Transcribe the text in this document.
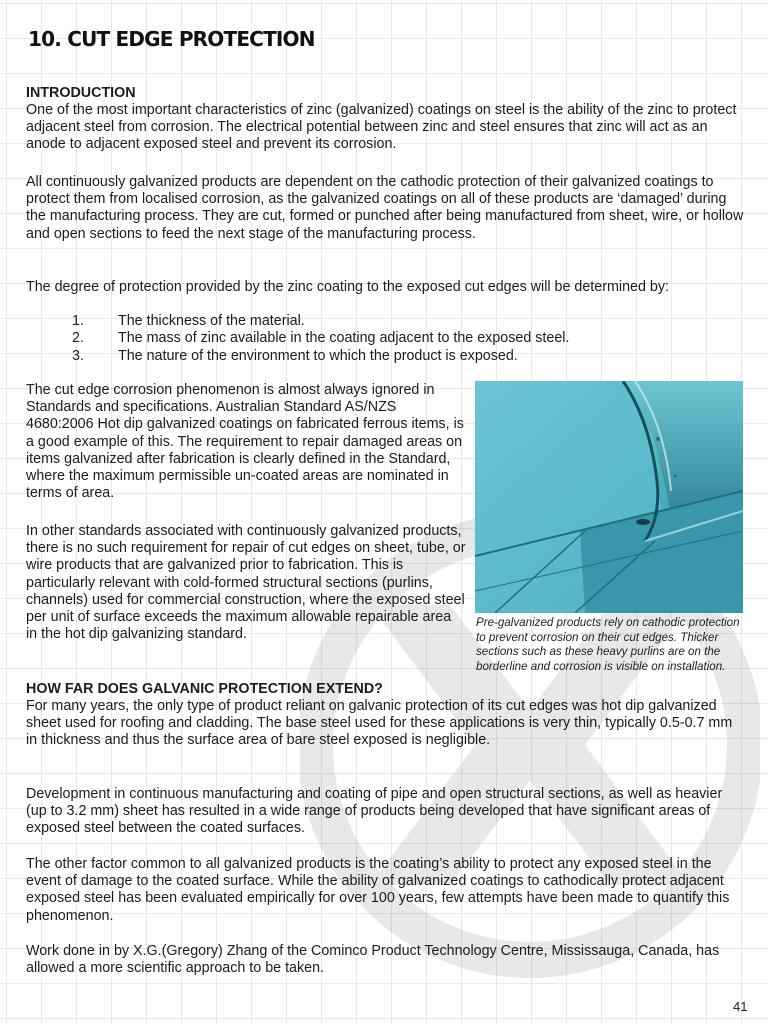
10. CUT EDGE PROTECTION
INTRODUCTION

One of the most important characteristics of zinc (galvanized) coatings on steel is the ability of the zinc to protect adjacent steel from corrosion. The electrical potential between zinc and steel ensures that zinc will act as an anode to adjacent exposed steel and prevent its corrosion.

All continuously galvanized products are dependent on the cathodic protection of their galvanized coatings to protect them from localised corrosion, as the galvanized coatings on all of these products are ‘damaged’ during the manufacturing process. They are cut, formed or punched after being manufactured from sheet, wire, or hollow and open sections to feed the next stage of the manufacturing process.

The degree of protection provided by the zinc coating to the exposed cut edges will be determined by:

1.	The thickness of the material.
2.	The mass of zinc available in the coating adjacent to the exposed steel.
3.	The nature of the environment to which the product is exposed.

The cut edge corrosion phenomenon is almost always ignored in Standards and specifications. Australian Standard AS/NZS 4680:2006 Hot dip galvanized coatings on fabricated ferrous items, is a good example of this. The requirement to repair damaged areas on items galvanized after fabrication is clearly defined in the Standard, where the maximum permissible un-coated areas are nominated in terms of area.

In other standards associated with continuously galvanized products, there is no such requirement for repair of cut edges on sheet, tube, or wire products that are galvanized prior to fabrication. This is particularly relevant with cold-formed structural sections (purlins, channels) used for commercial construction, where the exposed steel per unit of surface exceeds the maximum allowable repairable area in the hot dip galvanizing standard.

Pre-galvanized products rely on cathodic protection to prevent corrosion on their cut edges. Thicker sections such as these heavy purlins are on the borderline and corrosion is visible on installation.

HOW FAR DOES GALVANIC PROTECTION EXTEND?

For many years, the only type of product reliant on galvanic protection of its cut edges was hot dip galvanized sheet used for roofing and cladding. The base steel used for these applications is very thin, typically 0.5-0.7 mm in thickness and thus the surface area of bare steel exposed is negligible.

Development in continuous manufacturing and coating of pipe and open structural sections, as well as heavier (up to 3.2 mm) sheet has resulted in a wide range of products being developed that have significant areas of exposed steel between the coated surfaces.

The other factor common to all galvanized products is the coating’s ability to protect any exposed steel in the event of damage to the coated surface. While the ability of galvanized coatings to cathodically protect adjacent exposed steel has been evaluated empirically for over 100 years, few attempts have been made to quantify this phenomenon.

Work done in by X.G.(Gregory) Zhang of the Cominco Product Technology Centre, Mississauga, Canada, has allowed a more scientific approach to be taken.

41
